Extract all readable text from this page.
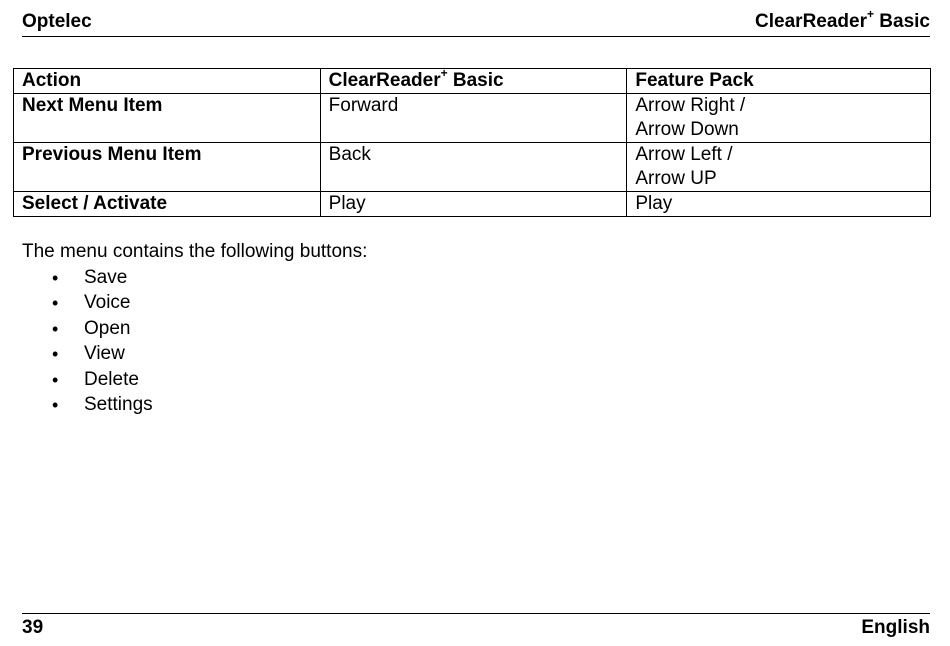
Optelec	ClearReader+ Basic
Action	ClearReader+ Basic	Feature Pack
Next Menu Item	Forward	Arrow Right /
Arrow Down

Previous Menu Item	Back	Arrow Left /
Arrow UP

Select / Activate	Play	Play
The menu contains the following buttons:
•	Save
•	Voice
•	Open
•	View
•	Delete
•	Settings
39	English
